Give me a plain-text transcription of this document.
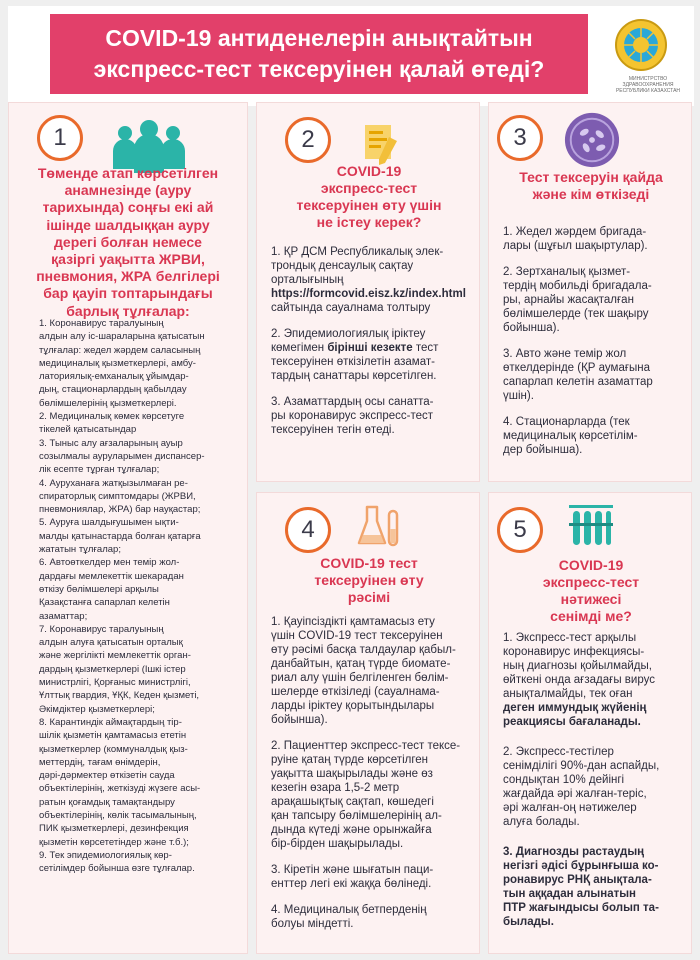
COVID-19 антиденелерін анықтайтын
экспресс-тест тексеруінен қалай өтеді?	МИНИСТРСТВО ЗДРАВООХРАНЕНИЯ
РЕСПУБЛИКИ КАЗАХСТАН
1
Төменде атап көрсетілген
анамнезінде (ауру
тарихында) соңғы екі ай
ішінде шалдыққан ауру
дерегі болған немесе
қазіргі уақытта ЖРВИ,
пневмония, ЖРА белгілері
бар қауіп топтарындағы
барлық тұлғалар:

1. Коронавирус таралуының
алдын алу іс-шараларына қатысатын
тұлғалар: жедел жәрдем саласының
медициналық қызметкерлері, амбу-
латориялық-емханалық ұйымдар-
дың, стационарлардың қабылдау
бөлімшелерінің қызметкерлері.

2. Медициналық көмек көрсетуге
тікелей қатысатындар

3. Тыныс алу ағзаларының ауыр
созылмалы ауруларымен диспансер-
лік есепте тұрған тұлғалар;

4. Ауруханаға жатқызылмаған ре-
спираторлық симптомдары (ЖРВИ,
пневмониялар, ЖРА) бар науқастар;

5. Ауруға шалдығушымен ықти-
малды қатынастарда болған қатарға
жататын тұлғалар;

6. Автоөткелдер мен темір жол-
дардағы мемлекеттік шекарадан
өткізу бөлімшелері арқылы
Қазақстанға сапарлап келетін
азаматтар;

7. Коронавирус таралуының
алдын алуға қатысатын орталық
және жергілікті мемлекеттік орган-
дардың қызметкерлері (Ішкі істер
министрлігі, Қорғаныс министрлігі,
Ұлттық гвардия, ҰҚК, Кеден қызметі,
Әкімдіктер қызметкерлері;

8. Карантиндік аймақтардың тір-
шілік қызметін қамтамасыз ететін
қызметкерлер (коммуналдық қыз-
меттердің, тағам өнімдерін,
дәрі-дәрмектер өткізетін сауда
объектілерінің, жеткізуді жүзеге асы-
ратын қоғамдық тамақтандыру
объектілерінің, көлік тасымалының,
ПИК қызметкерлері, дезинфекция
қызметін көрсететіндер және т.б.);

9. Тек эпидемиологиялық көр-
сетілімдер бойынша өзге тұлғалар.

2
COVID-19
экспресс-тест
тексеруінен өту үшін
не істеу керек?

1. ҚР ДСМ Республикалық элек-
трондық денсаулық сақтау
орталығының
https://formcovid.eisz.kz/index.html
сайтында сауалнама толтыру

2. Эпидемиологиялық іріктеу
көмегімен бірінші кезекте тест
тексеруінен өткізілетін азамат-
тардың санаттары көрсетілген.

3. Азаматтардың осы санатта-
ры коронавирус экспресс-тест
тексеруінен тегін өтеді.

3
Тест тексеруін қайда
және кім өткізеді

1. Жедел жәрдем бригада-
лары (шұғыл шақыртулар).

2. Зертханалық қызмет-
тердің мобильді бригадала-
ры, арнайы жасақталған
бөлімшелерде (тек шақыру
бойынша).

3. Авто және темір жол
өткелдерінде (ҚР аумағына
сапарлап келетін азаматтар
үшін).

4. Стационарларда (тек
медициналық көрсетілім-
дер бойынша).

4
COVID-19 тест
тексеруінен өту
рәсімі

1. Қауіпсіздікті қамтамасыз ету
үшін COVID-19 тест тексеруінен
өту рәсімі басқа талдаулар қабыл-
данбайтын, қатаң түрде биомате-
риал алу үшін белгіленген бөлім-
шелерде өткізіледі (сауалнама-
ларды іріктеу қорытындылары
бойынша).

2. Пациенттер экспресс-тест тексе-
руіне қатаң түрде көрсетілген
уақытта шақырылады және өз
кезегін өзара 1,5-2 метр
арақашықтық сақтап, көшедегі
қан тапсыру бөлімшелерінің ал-
дында күтеді және орынжайға
бір-бірден шақырылады.

3. Кіретін және шығатын паци-
енттер легі екі жаққа бөлінеді.

4. Медициналық бетперденің
болуы міндетті.

5
COVID-19
экспресс-тест
нәтижесі
сенімді ме?

1. Экспресс-тест арқылы
коронавирус инфекциясы-
ның диагнозы қойылмайды,
өйткені онда ағзадағы вирус
анықталмайды, тек оған
деген иммундық жүйенің
реакциясы бағаланады.

2. Экспресс-тестілер
сенімділігі 90%-дан аспайды,
сондықтан 10% дейінгі
жағдайда әрі жалған-теріс,
әрі жалған-оң нәтижелер
алуға болады.

3. Диагнозды растаудың
негізгі әдісі бұрынғыша ко-
ронавирус РНҚ анықтала-
тын аққадан алынатын
ПТР жағындысы болып та-
былады.
